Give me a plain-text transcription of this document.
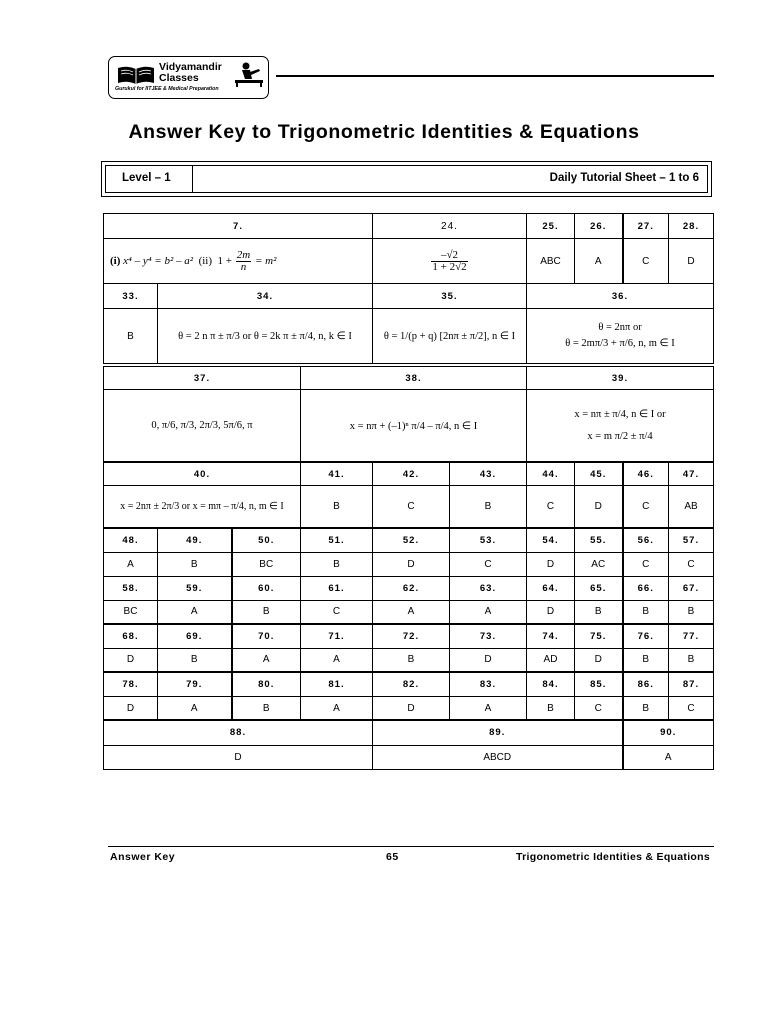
Vidyamandir
Classes
Gurukul for IITJEE & Medical Preparation
Answer Key to Trigonometric Identities & Equations
Level – 1	Daily Tutorial Sheet – 1 to 6
7.	24.	25.	26.	27.	28.
(i) x⁴ – y⁴ = b² – a² (ii) $1 + \frac{2m}{n} = m^2$	$\frac{-√2}{1 + 2√2}$	ABC	A	C	D
33.	34.	35.	36.
B	θ = 2 n π ± π/3 or θ = 2k π ± π/4, n, k ∈ I	θ = 1/(p + q) [2nπ ± π/2], n ∈ I	θ = 2nπ or
θ = 2mπ/3 + π/6, n, m ∈ I
37.	38.	39.
0, π/6, π/3, 2π/3, 5π/6, π	x = nπ + (–1)ⁿ π/4 – π/4, n ∈ I	x = nπ ± π/4, n ∈ I or
x = m π/2 ± π/4
40.	41.	42.	43.	44.	45.	46.	47.
x = 2nπ ± 2π/3 or x = mπ – π/4, n, m ∈ I	B	C	B	C	D	C	AB
48.	49.	50.	51.	52.	53.	54.	55.	56.	57.
A	B	BC	B	D	C	D	AC	C	C
58.	59.	60.	61.	62.	63.	64.	65.	66.	67.
BC	A	B	C	A	A	D	B	B	B
68.	69.	70.	71.	72.	73.	74.	75.	76.	77.
D	B	A	A	B	D	AD	D	B	B
78.	79.	80.	81.	82.	83.	84.	85.	86.	87.
D	A	B	A	D	A	B	C	B	C
88.	89.	90.
D	ABCD	A
Answer Key	65	Trigonometric Identities & Equations
